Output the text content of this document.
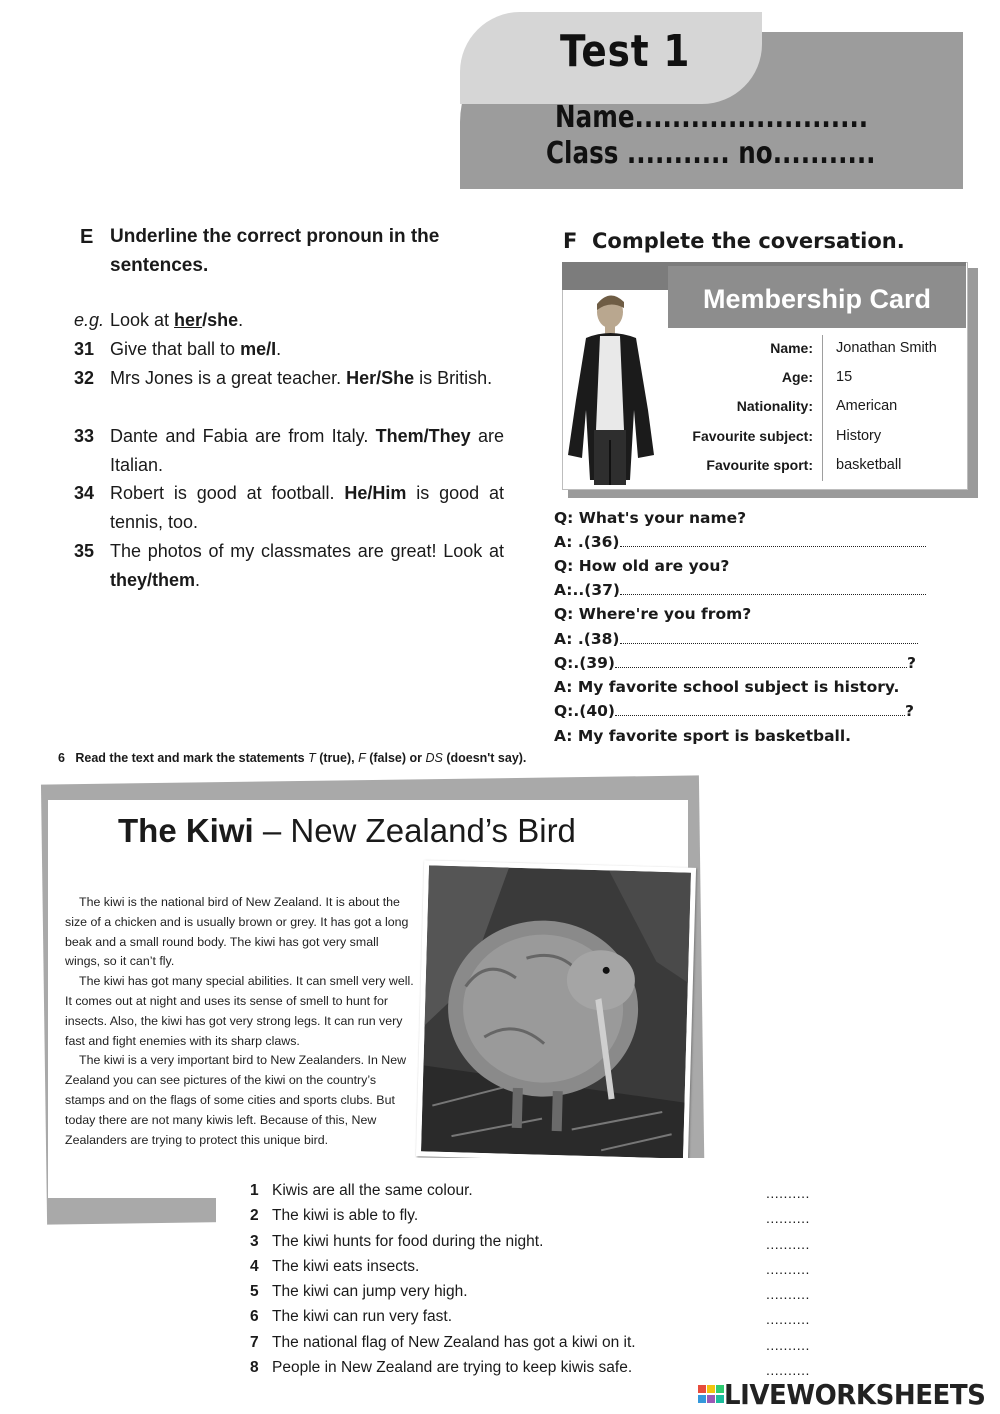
Test 1
Name.........................
Class ........... no...........
E Underline the correct pronoun in the sentences.
e.g. Look at her/she.
31 Give that ball to me/I.
32 Mrs Jones is a great teacher. Her/She is British.
33 Dante and Fabia are from Italy. Them/They are Italian.
34 Robert is good at football. He/Him is good at tennis, too.
35 The photos of my classmates are great! Look at they/them.
F Complete the coversation.
Membership Card
Name: Jonathan Smith
Age: 15
Nationality: American
Favourite subject: History
Favourite sport: basketball
Q: What's your name?
A: .(36)
Q: How old are you?
A:..(37)
Q: Where're you from?
A: .(38)
Q:.(39)	?
A: My favorite school subject is history.
Q:.(40)	?
A: My favorite sport is basketball.
6 Read the text and mark the statements T (true), F (false) or DS (doesn't say).
The Kiwi – New Zealand’s Bird

The kiwi is the national bird of New Zealand. It is about the size of a chicken and is usually brown or grey. It has got a long beak and a small round body. The kiwi has got very small wings, so it can’t fly.

The kiwi has got many special abilities. It can smell very well. It comes out at night and uses its sense of smell to hunt for insects. Also, the kiwi has got very strong legs. It can run very fast and fight enemies with its sharp claws.

The kiwi is a very important bird to New Zealanders. In New Zealand you can see pictures of the kiwi on the country’s stamps and on the flags of some cities and sports clubs. But today there are not many kiwis left. Because of this, New Zealanders are trying to protect this unique bird.

1 Kiwis are all the same colour.	..........
2 The kiwi is able to fly.	..........
3 The kiwi hunts for food during the night.	..........
4 The kiwi eats insects.	..........
5 The kiwi can jump very high.	..........
6 The kiwi can run very fast.	..........
7 The national flag of New Zealand has got a kiwi on it.	..........
8 People in New Zealand are trying to keep kiwis safe.	..........
LIVEWORKSHEETS
